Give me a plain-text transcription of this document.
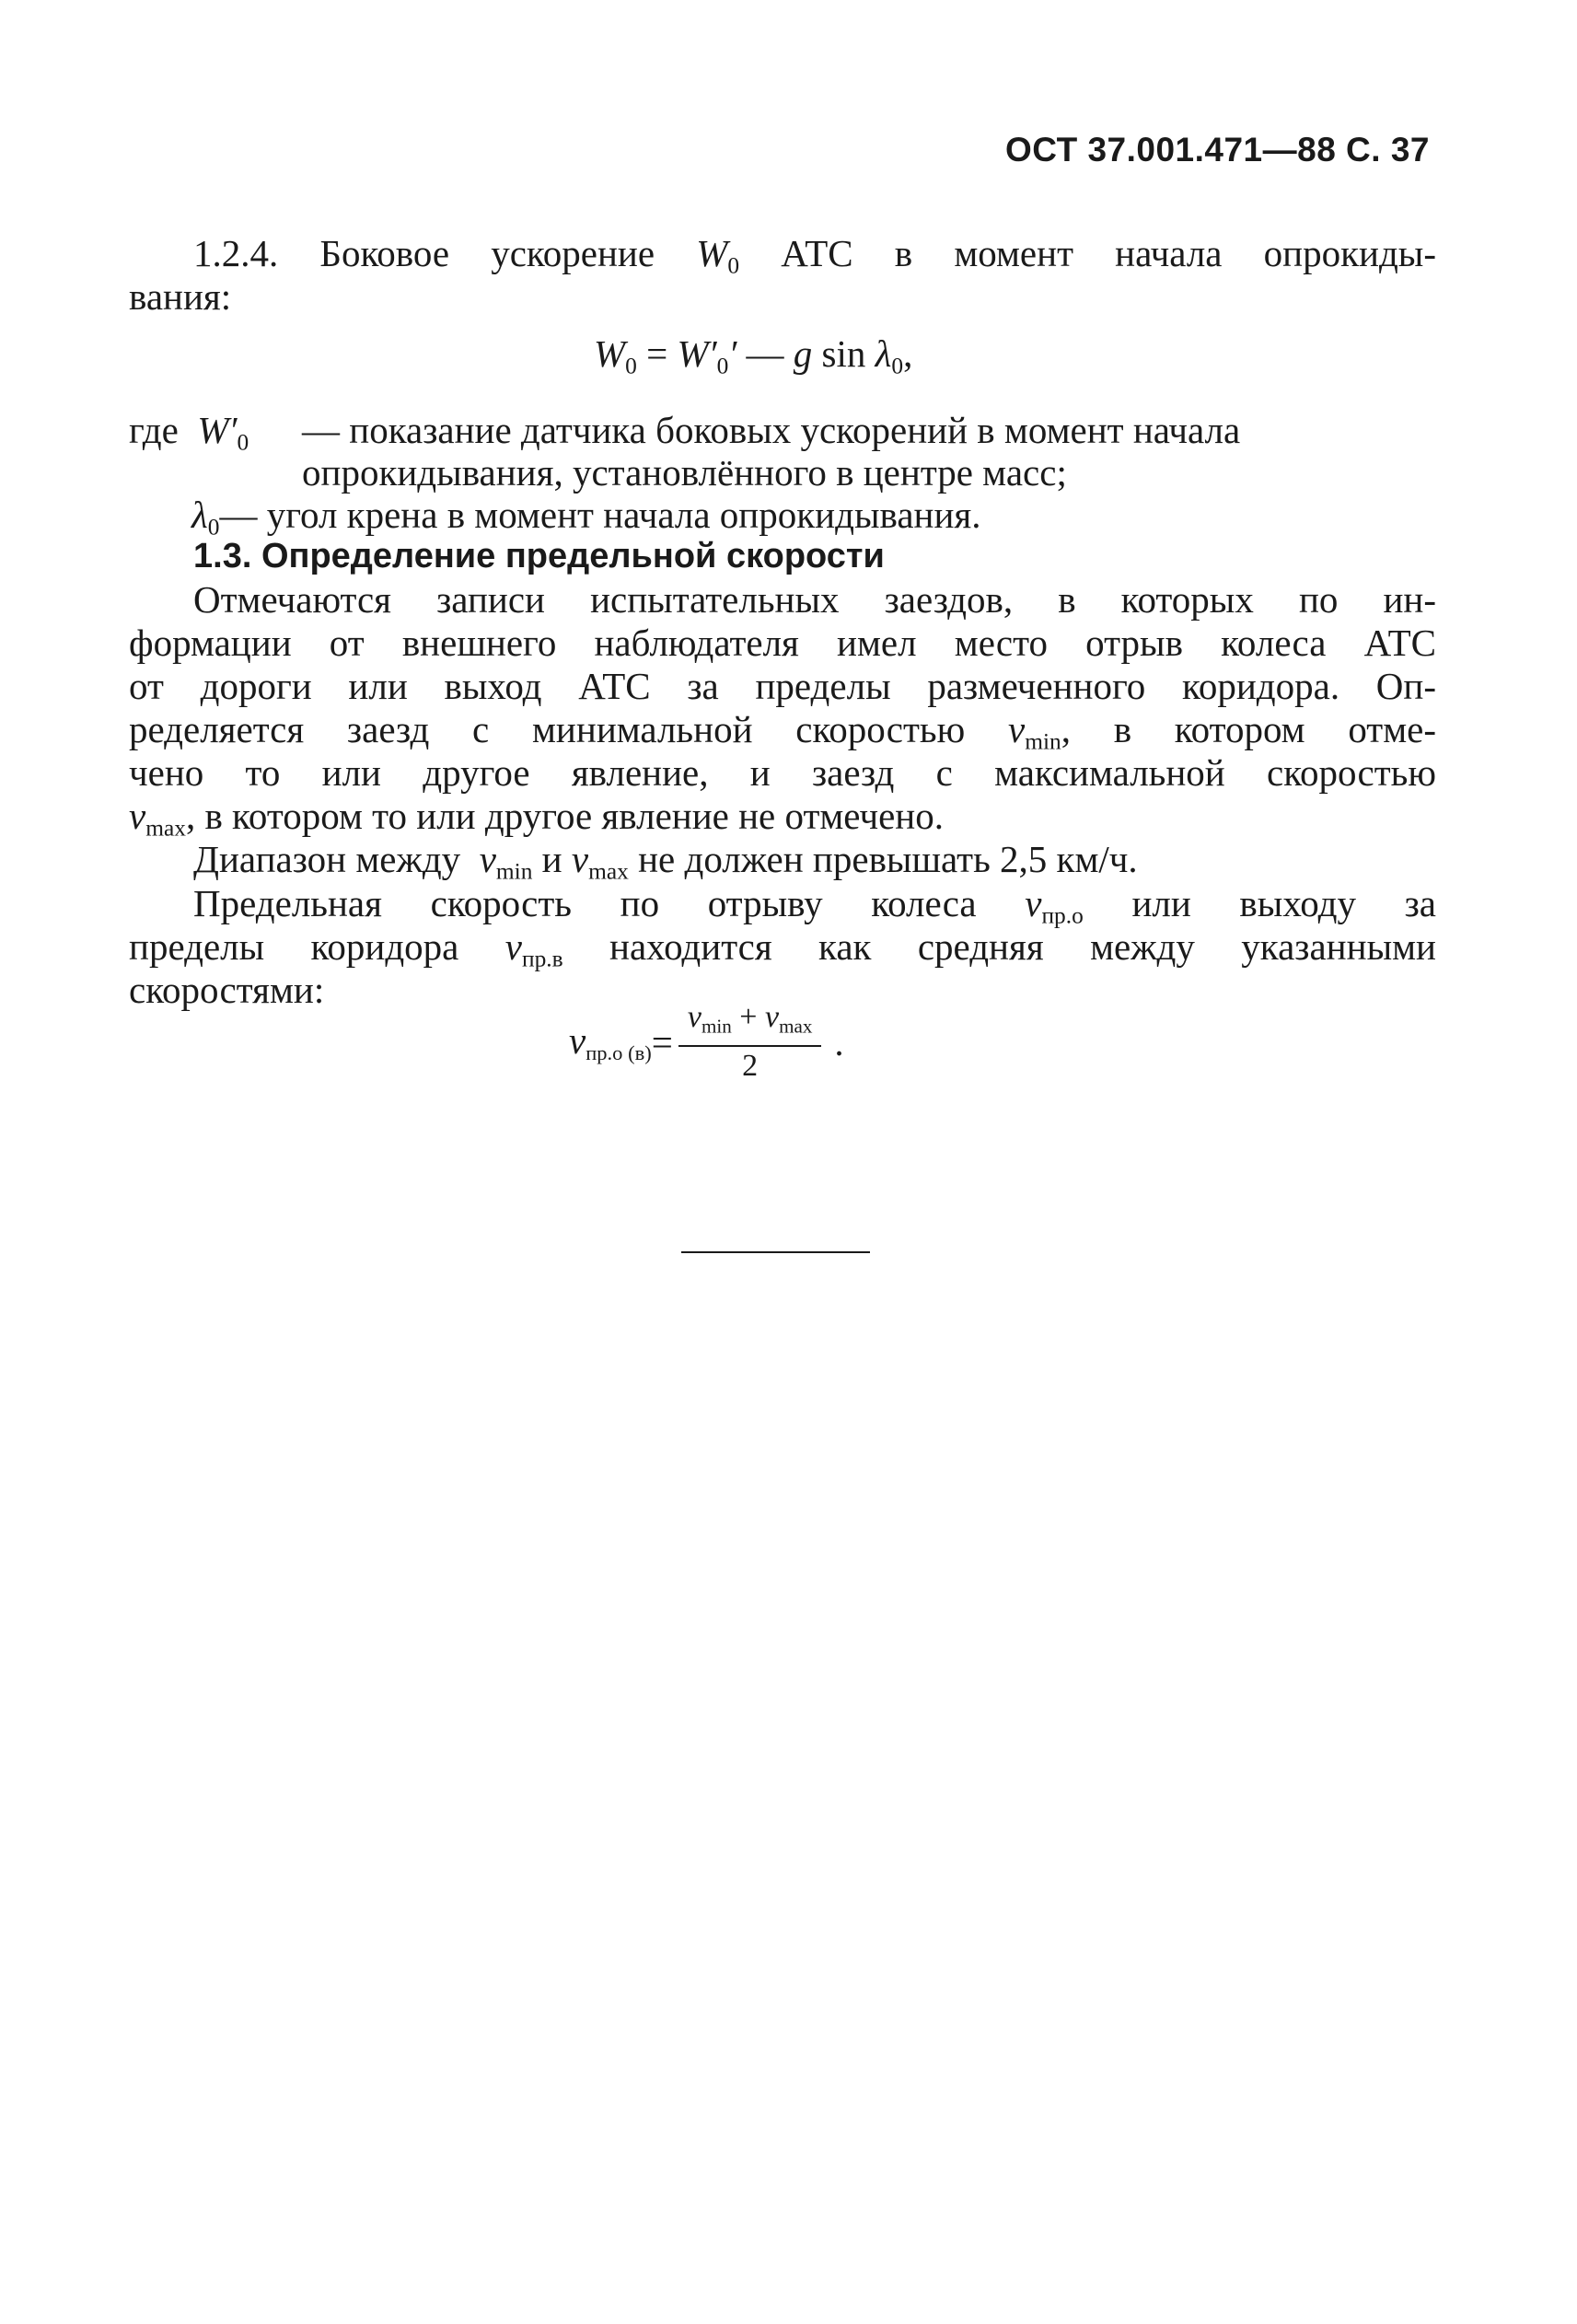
ОСТ 37.001.471—88 С. 37
1.2.4. Боковое ускорение $W_0$ АТС в момент начала опрокиды-
вания:
$W_0 = W'_0'$ — g $\sin \lambda_0$,
где  $W'_0$	— показание датчика боковых ускорений в момент начала опрокидывания, установлённого в центре масс;
$\lambda_0$ — угол крена в момент начала опрокидывания.
1.3. Определение предельной скорости
Отмечаются записи испытательных заездов, в которых по ин-
формации от внешнего наблюдателя имел место отрыв колеса АТС
от дороги или выход АТС за пределы размеченного коридора. Оп-
ределяется заезд с минимальной скоростью $v_{min}$, в котором отме-
чено то или другое явление, и заезд с максимальной скоростью
$v_{max}$, в котором то или другое явление не отмечено.
Диапазон между $v_{min}$ и $v_{max}$ не должен превышать 2,5 км/ч.
Предельная скорость по отрыву колеса $v_{пр.о}$ или выходу за
пределы коридора $v_{пр.в}$ находится как средняя между указанными
скоростями:
$v_{пр.о (в)} = \frac{v_{min} + v_{max}}{2}$ .
